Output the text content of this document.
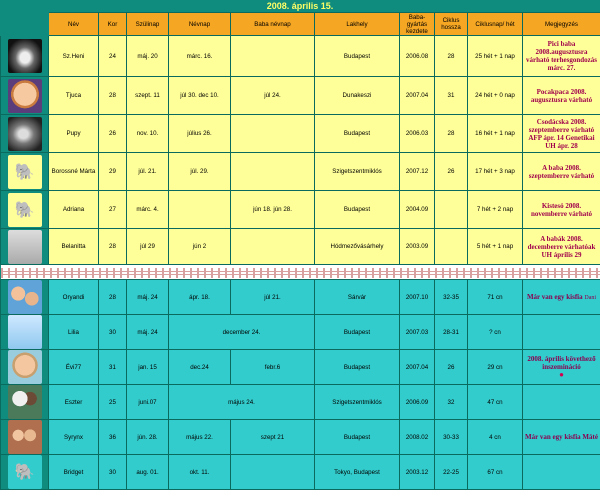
2008. április 15.
	Név	Kor	Szülinap	Névnap	Baba névnap	Lakhely	Baba-gyártás kezdete	Ciklus hossza	Ciklusnap/ hét	Megjegyzés

	Sz.Heni	24	máj. 20	márc. 16.		Budapest	2006.08	28	25 hét + 1 nap	Pici baba 2008.augusztusra várható terhesgondozás márc. 27.

	Tjuca	28	szept. 11	júl 30. dec 10.	júl 24.	Dunakeszi	2007.04	31	24 hét + 0 nap	Pocakpaca 2008. augusztusra várható

	Pupy	26	nov. 10.	július 26.		Budapest	2006.03	28	16 hét + 1 nap	Csodácska 2008. szeptemberre várható AFP ápr. 14 Genetikai UH ápr. 28

🐘	Borossné Márta	29	júl. 21.	júl. 29.		Szigetszentmiklós	2007.12	26	17 hét + 3 nap	A baba 2008. szeptemberre várható

🐘	Adriana	27	márc. 4.		jún 18. jún 28.	Budapest	2004.09		7 hét + 2 nap	Kistesó 2008. novemberre várható

	Belanitta	28	júl 29	jún 2		Hódmezővásárhely	2003.09		5 hét + 1 nap	A babák 2008. decemberre várhatóak UH április 29

	Oryandi	28	máj. 24	ápr. 18.	júl 21.	Sárvár	2007.10	32-35	71 cn	Már van egy kisfia Dani

	Lilia	30	máj. 24	december 24.		Budapest	2007.03	28-31	? cn	

	Évi77	31	jan. 15	dec.24	febr.6	Budapest	2007.04	26	29 cn	2008. április követhező inszemináció
●

	Eszter	25	juni.07	május 24.		Szigetszentmiklós	2006.09	32	47 cn	

	Syrynx	36	jún. 28.	május 22.	szept 21	Budapest	2008.02	30-33	4 cn	Már van egy kisfia Máté

🐘	Bridget	30	aug. 01.	okt. 11.		Tokyo, Budapest	2003.12	22-25	67 cn	
